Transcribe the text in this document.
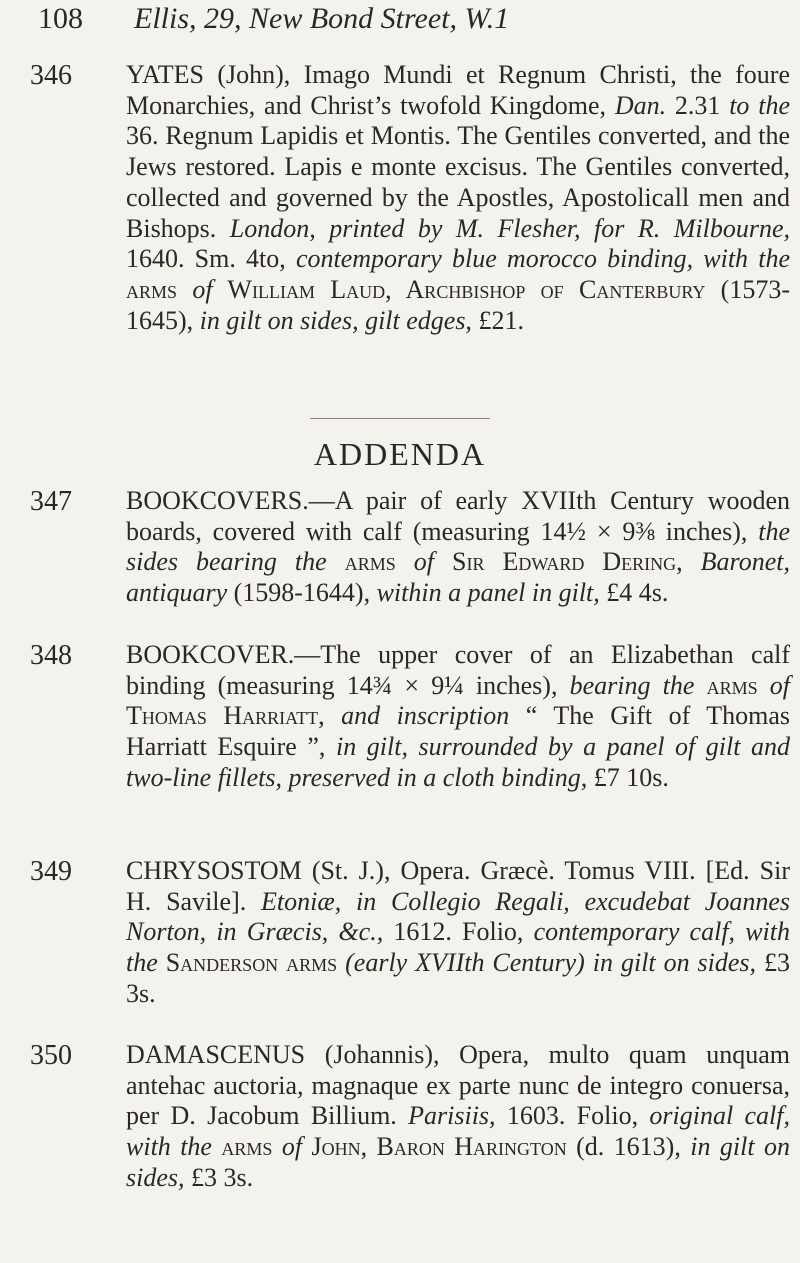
108 Ellis, 29, New Bond Street, W.1
346 YATES (John), Imago Mundi et Regnum Christi, the foure Monarchies, and Christ’s twofold Kingdome, Dan. 2.31 to the 36. Regnum Lapidis et Montis. The Gentiles converted, and the Jews restored. Lapis e monte excisus. The Gentiles converted, collected and governed by the Apostles, Apostolicall men and Bishops. London, printed by M. Flesher, for R. Milbourne, 1640. Sm. 4to, contemporary blue morocco binding, with the arms of William Laud, Archbishop of Canterbury (1573-1645), in gilt on sides, gilt edges, £21.
ADDENDA
347 BOOKCOVERS.—A pair of early XVIIth Century wooden boards, covered with calf (measuring 14½ × 9⅜ inches), the sides bearing the arms of Sir Edward Dering, Baronet, antiquary (1598-1644), within a panel in gilt, £4 4s.
348 BOOKCOVER.—The upper cover of an Elizabethan calf binding (measuring 14¾ × 9¼ inches), bearing the arms of Thomas Harriatt, and inscription “ The Gift of Thomas Harriatt Esquire ”, in gilt, surrounded by a panel of gilt and two-line fillets, preserved in a cloth binding, £7 10s.
349 CHRYSOSTOM (St. J.), Opera. Græcè. Tomus VIII. [Ed. Sir H. Savile]. Etoniæ, in Collegio Regali, excudebat Joannes Norton, in Græcis, &c., 1612. Folio, contemporary calf, with the Sanderson arms (early XVIIth Century) in gilt on sides, £3 3s.
350 DAMASCENUS (Johannis), Opera, multo quam unquam antehac auctoria, magnaque ex parte nunc de integro conuersa, per D. Jacobum Billium. Parisiis, 1603. Folio, original calf, with the arms of John, Baron Harington (d. 1613), in gilt on sides, £3 3s.
